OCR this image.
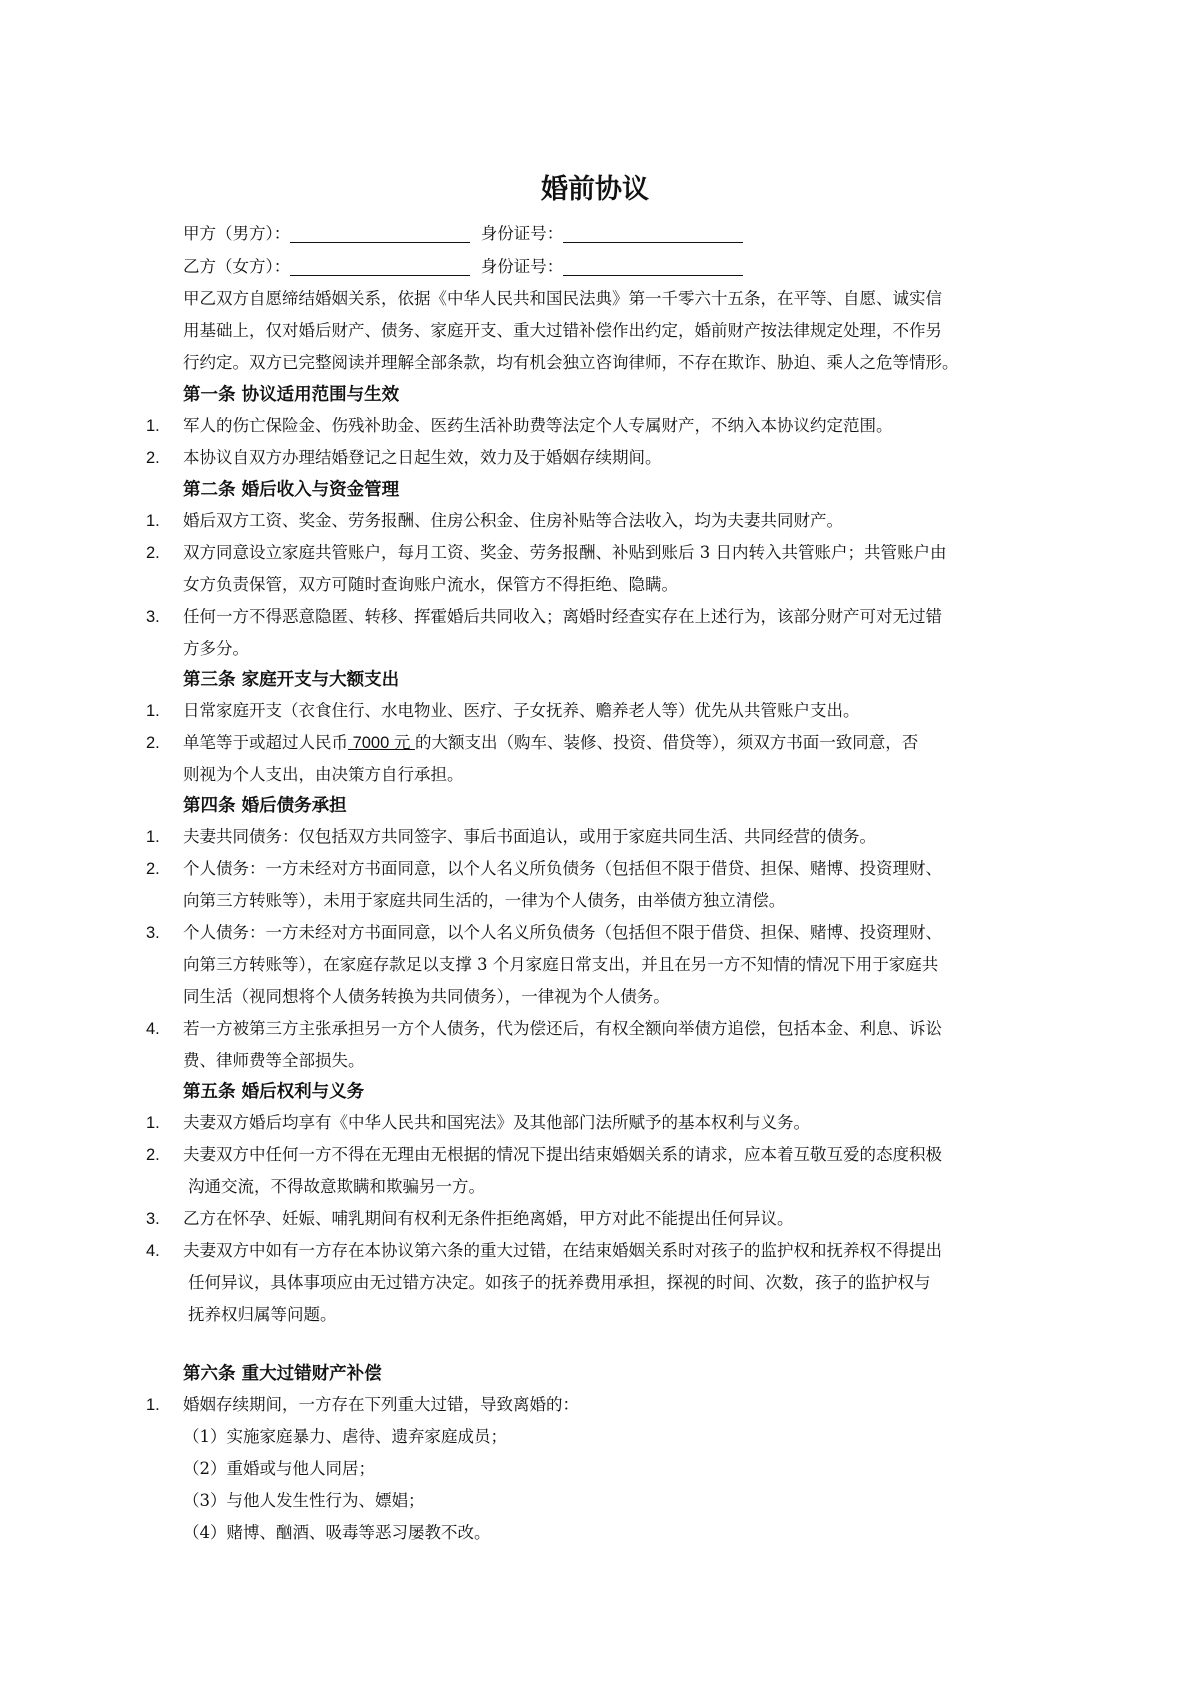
婚前协议
甲方（男方）：	身份证号：
乙方（女方）：	身份证号：
甲乙双方自愿缔结婚姻关系，依据《中华人民共和国民法典》第一千零六十五条，在平等、自愿、诚实信
用基础上，仅对婚后财产、债务、家庭开支、重大过错补偿作出约定，婚前财产按法律规定处理，不作另
行约定。双方已完整阅读并理解全部条款，均有机会独立咨询律师，不存在欺诈、胁迫、乘人之危等情形。
第一条 协议适用范围与生效
1. 军人的伤亡保险金、伤残补助金、医药生活补助费等法定个人专属财产，不纳入本协议约定范围。
2. 本协议自双方办理结婚登记之日起生效，效力及于婚姻存续期间。
第二条 婚后收入与资金管理
1. 婚后双方工资、奖金、劳务报酬、住房公积金、住房补贴等合法收入，均为夫妻共同财产。
2. 双方同意设立家庭共管账户，每月工资、奖金、劳务报酬、补贴到账后 3 日内转入共管账户；共管账户由
女方负责保管，双方可随时查询账户流水，保管方不得拒绝、隐瞒。
3. 任何一方不得恶意隐匿、转移、挥霍婚后共同收入；离婚时经查实存在上述行为，该部分财产可对无过错
方多分。
第三条 家庭开支与大额支出
1. 日常家庭开支（衣食住行、水电物业、医疗、子女抚养、赡养老人等）优先从共管账户支出。
2. 单笔等于或超过人民币 7000 元 的大额支出（购车、装修、投资、借贷等），须双方书面一致同意，否
则视为个人支出，由决策方自行承担。
第四条 婚后债务承担
1. 夫妻共同债务：仅包括双方共同签字、事后书面追认，或用于家庭共同生活、共同经营的债务。
2. 个人债务：一方未经对方书面同意，以个人名义所负债务（包括但不限于借贷、担保、赌博、投资理财、
向第三方转账等），未用于家庭共同生活的，一律为个人债务，由举债方独立清偿。
3. 个人债务：一方未经对方书面同意，以个人名义所负债务（包括但不限于借贷、担保、赌博、投资理财、
向第三方转账等），在家庭存款足以支撑 3 个月家庭日常支出，并且在另一方不知情的情况下用于家庭共
同生活（视同想将个人债务转换为共同债务），一律视为个人债务。
4. 若一方被第三方主张承担另一方个人债务，代为偿还后，有权全额向举债方追偿，包括本金、利息、诉讼
费、律师费等全部损失。
第五条 婚后权利与义务
1. 夫妻双方婚后均享有《中华人民共和国宪法》及其他部门法所赋予的基本权利与义务。
2. 夫妻双方中任何一方不得在无理由无根据的情况下提出结束婚姻关系的请求，应本着互敬互爱的态度积极
沟通交流，不得故意欺瞒和欺骗另一方。
3. 乙方在怀孕、妊娠、哺乳期间有权利无条件拒绝离婚，甲方对此不能提出任何异议。
4. 夫妻双方中如有一方存在本协议第六条的重大过错，在结束婚姻关系时对孩子的监护权和抚养权不得提出
任何异议，具体事项应由无过错方决定。如孩子的抚养费用承担，探视的时间、次数，孩子的监护权与
抚养权归属等问题。
第六条 重大过错财产补偿
1. 婚姻存续期间，一方存在下列重大过错，导致离婚的：
（1）实施家庭暴力、虐待、遗弃家庭成员；
（2）重婚或与他人同居；
（3）与他人发生性行为、嫖娼；
（4）赌博、酗酒、吸毒等恶习屡教不改。
